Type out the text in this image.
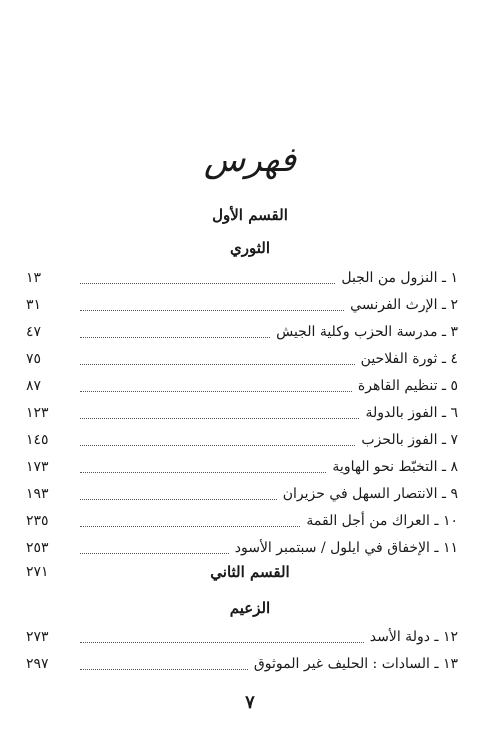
فهرس
القسم الأول
الثوري
١ ـ النزول من الجبل
١٣
٢ ـ الإرث الفرنسي
٣١
٣ ـ مدرسة الحزب وكلية الجيش
٤٧
٤ ـ ثورة الفلاحين
٧٥
٥ ـ تنظيم القاهرة
٨٧
٦ ـ الفوز بالدولة
١٢٣
٧ ـ الفوز بالحزب
١٤٥
٨ ـ التخبّط نحو الهاوية
١٧٣
٩ ـ الانتصار السهل في حزيران
١٩٣
١٠ ـ العراك من أجل القمة
٢٣٥
١١ ـ الإخفاق في ايلول / سبتمبر الأسود
٢٥٣
القسم الثاني
٢٧١
الزعيم
١٢ ـ دولة الأسد
٢٧٣
١٣ ـ السادات : الحليف غير الموثوق
٢٩٧
٧
